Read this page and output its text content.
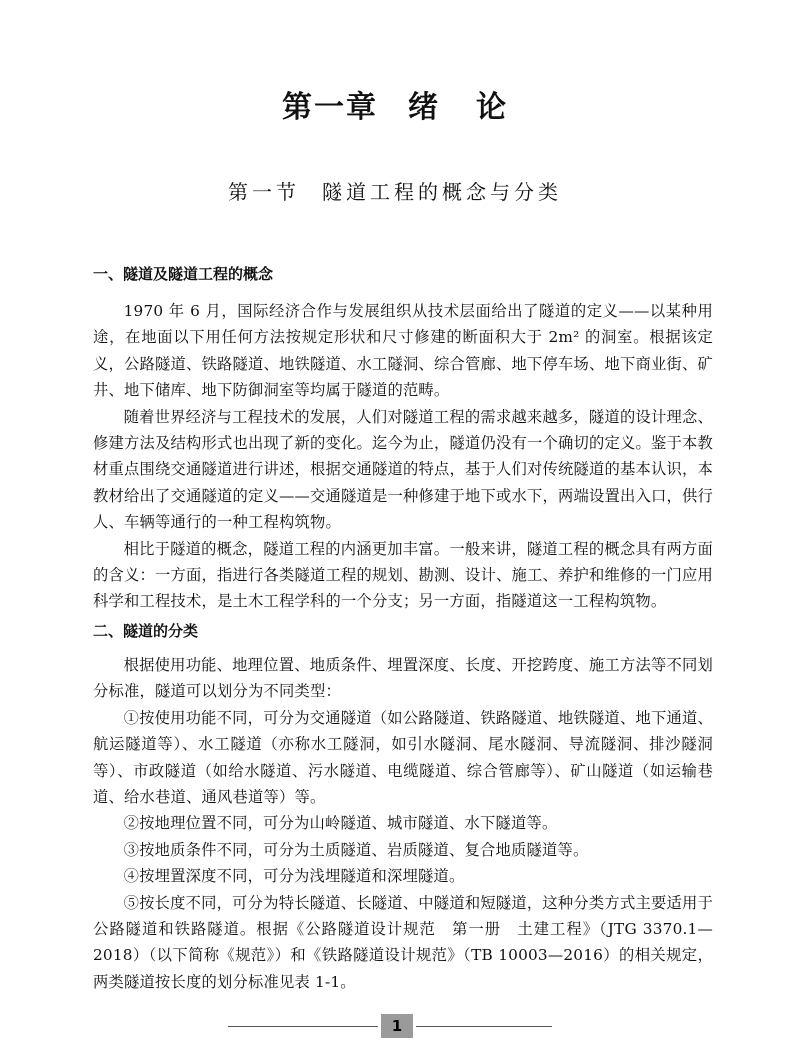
第一章 绪 论
第一节 隧道工程的概念与分类
一、隧道及隧道工程的概念

1970 年 6 月，国际经济合作与发展组织从技术层面给出了隧道的定义——以某种用途，在地面以下用任何方法按规定形状和尺寸修建的断面积大于 2m² 的洞室。根据该定义，公路隧道、铁路隧道、地铁隧道、水工隧洞、综合管廊、地下停车场、地下商业街、矿井、地下储库、地下防御洞室等均属于隧道的范畴。

随着世界经济与工程技术的发展，人们对隧道工程的需求越来越多，隧道的设计理念、修建方法及结构形式也出现了新的变化。迄今为止，隧道仍没有一个确切的定义。鉴于本教材重点围绕交通隧道进行讲述，根据交通隧道的特点，基于人们对传统隧道的基本认识，本教材给出了交通隧道的定义——交通隧道是一种修建于地下或水下，两端设置出入口，供行人、车辆等通行的一种工程构筑物。

相比于隧道的概念，隧道工程的内涵更加丰富。一般来讲，隧道工程的概念具有两方面的含义：一方面，指进行各类隧道工程的规划、勘测、设计、施工、养护和维修的一门应用科学和工程技术，是土木工程学科的一个分支；另一方面，指隧道这一工程构筑物。

二、隧道的分类

根据使用功能、地理位置、地质条件、埋置深度、长度、开挖跨度、施工方法等不同划分标准，隧道可以划分为不同类型：

①按使用功能不同，可分为交通隧道（如公路隧道、铁路隧道、地铁隧道、地下通道、航运隧道等）、水工隧道（亦称水工隧洞，如引水隧洞、尾水隧洞、导流隧洞、排沙隧洞等）、市政隧道（如给水隧道、污水隧道、电缆隧道、综合管廊等）、矿山隧道（如运输巷道、给水巷道、通风巷道等）等。

②按地理位置不同，可分为山岭隧道、城市隧道、水下隧道等。

③按地质条件不同，可分为土质隧道、岩质隧道、复合地质隧道等。

④按埋置深度不同，可分为浅埋隧道和深埋隧道。

⑤按长度不同，可分为特长隧道、长隧道、中隧道和短隧道，这种分类方式主要适用于公路隧道和铁路隧道。根据《公路隧道设计规范　第一册　土建工程》（JTG 3370.1—2018）（以下简称《规范》）和《铁路隧道设计规范》（TB 10003—2016）的相关规定，两类隧道按长度的划分标准见表 1-1。

1
